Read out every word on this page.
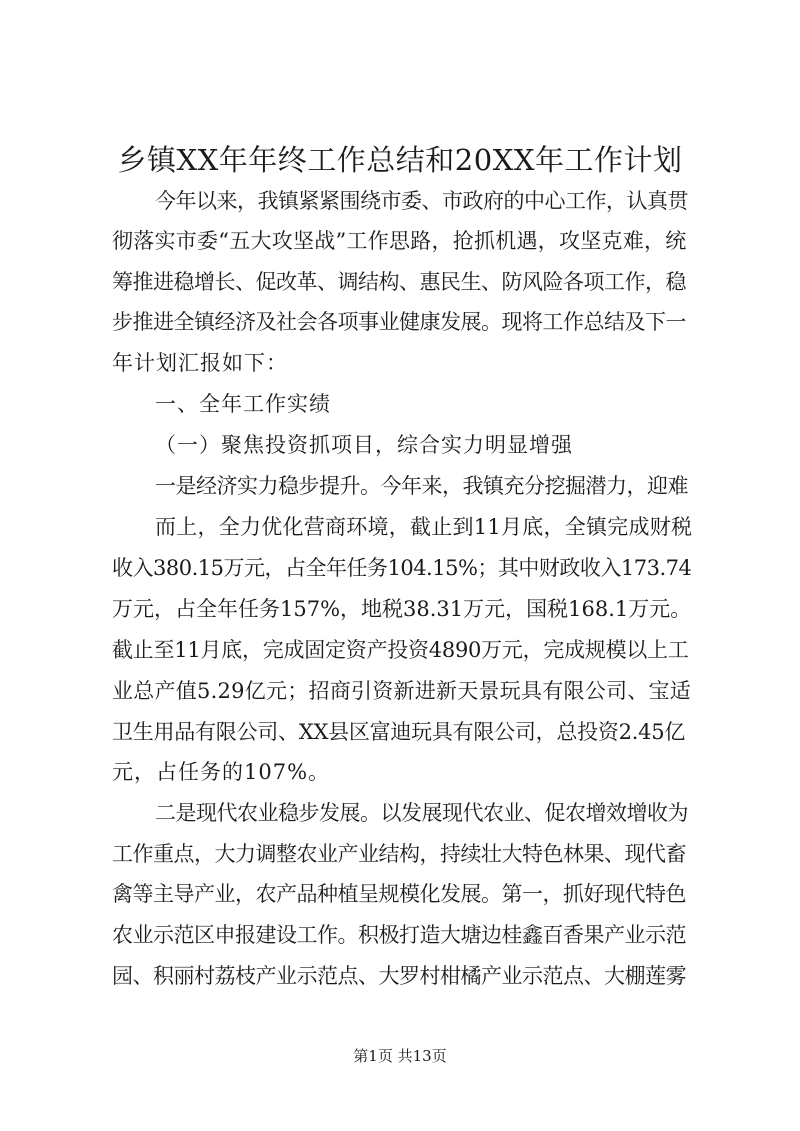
乡镇XX年年终工作总结和20XX年工作计划
今年以来，我镇紧紧围绕市委、市政府的中心工作，认真贯
彻落实市委“五大攻坚战”工作思路，抢抓机遇，攻坚克难，统
筹推进稳增长、促改革、调结构、惠民生、防风险各项工作，稳
步推进全镇经济及社会各项事业健康发展。现将工作总结及下一
年计划汇报如下：
一、全年工作实绩
（一）聚焦投资抓项目，综合实力明显增强
一是经济实力稳步提升。今年来，我镇充分挖掘潜力，迎难
而上，全力优化营商环境，截止到11月底，全镇完成财税
收入380.15万元，占全年任务104.15%；其中财政收入173.74
万元，占全年任务157%，地税38.31万元，国税168.1万元。
截止至11月底，完成固定资产投资4890万元，完成规模以上工
业总产值5.29亿元；招商引资新进新天景玩具有限公司、宝适
卫生用品有限公司、XX县区富迪玩具有限公司，总投资2.45亿
元，占任务的107%。
二是现代农业稳步发展。以发展现代农业、促农增效增收为
工作重点，大力调整农业产业结构，持续壮大特色林果、现代畜
禽等主导产业，农产品种植呈规模化发展。第一，抓好现代特色
农业示范区申报建设工作。积极打造大塘边桂鑫百香果产业示范
园、积丽村荔枝产业示范点、大罗村柑橘产业示范点、大棚莲雾
第1页 共13页
